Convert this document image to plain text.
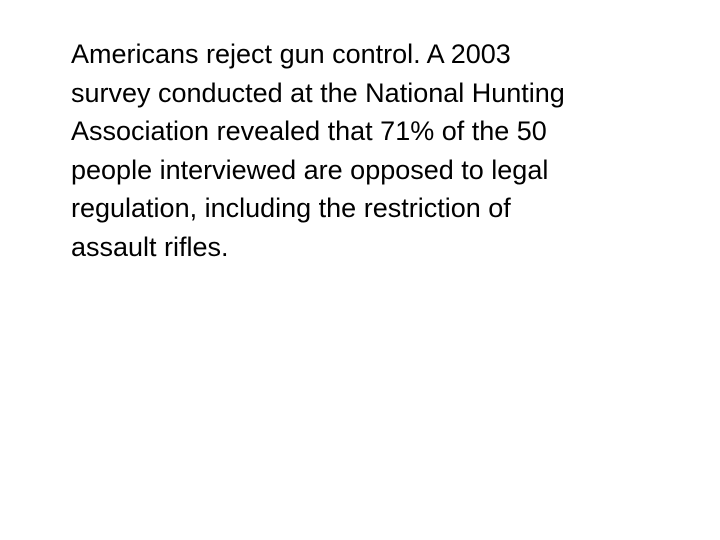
Americans reject gun control. A 2003
survey conducted at the National Hunting
Association revealed that 71% of the 50
people interviewed are opposed to legal
regulation, including the restriction of
assault rifles.
